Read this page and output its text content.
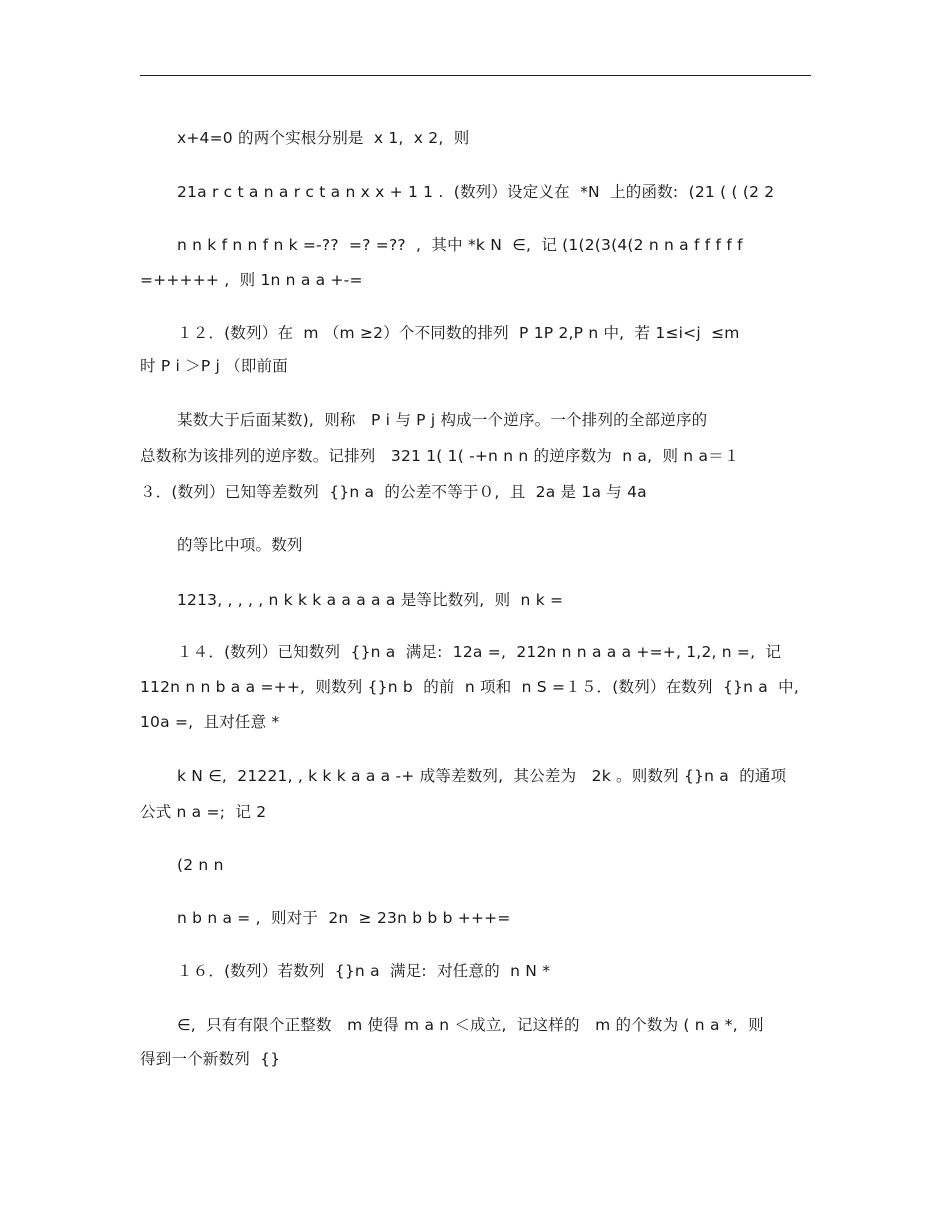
x+4=0 的两个实根分别是  x 1,  x 2,  则
21a r c t a n a r c t a n x x + 1 1 .  (数列）设定义在  *N  上的函数:  (21 ( ( (2 2
n n k f n n f n k =-??  =? =??  ,  其中 *k N  ∈,  记 (1(2(3(4(2 n n a f f f f f
=+++++ ,  则 1n n a a +-=
１２．(数列）在  m （m ≥2）个不同数的排列  P 1P 2,P n 中,  若 1≤i<j  ≤m
时 P i ＞P j （即前面
某数大于后面某数),  则称   P i 与 P j 构成一个逆序。一个排列的全部逆序的
总数称为该排列的逆序数。记排列   321 1( 1( -+n n n 的逆序数为  n a,  则 n a＝１
３．(数列）已知等差数列  {}n a  的公差不等于０,  且  2a 是 1a 与 4a
的等比中项。数列
1213, , , , , n k k k a a a a a 是等比数列,  则  n k =
１４．(数列）已知数列  {}n a  满足:  12a =,  212n n n a a a +=+, 1,2, n =,  记
112n n n b a a =++,  则数列 {}n b  的前  n 项和  n S =１５．(数列）在数列  {}n a  中,
10a =,  且对任意 *
k N ∈,  21221, , k k k a a a -+ 成等差数列,  其公差为   2k 。则数列 {}n a  的通项
公式 n a =;  记 2
(2 n n
n b n a = ,  则对于  2n  ≥ 23n b b b +++=
１６．(数列）若数列  {}n a  满足:  对任意的  n N *
∈,  只有有限个正整数   m 使得 m a n ＜成立,  记这样的   m 的个数为 ( n a *,  则
得到一个新数列  {}
